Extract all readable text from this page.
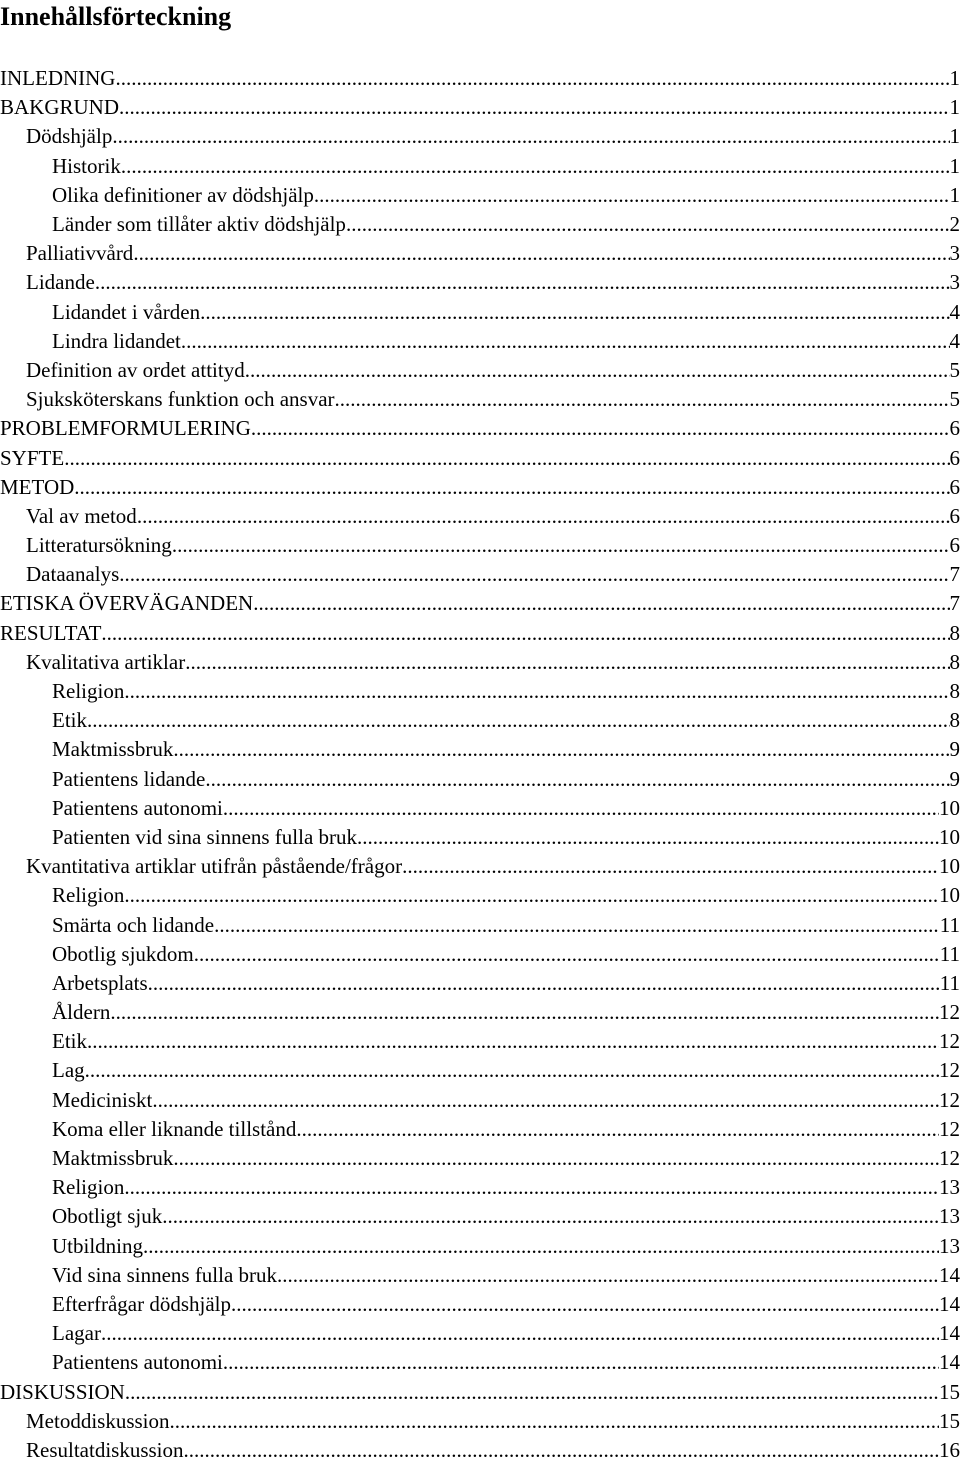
Innehållsförteckning
INLEDNING .....	1
BAKGRUND .....	1
Dödshjälp .....	1
Historik .....	1
Olika definitioner av dödshjälp .....	1
Länder som tillåter aktiv dödshjälp .....	2
Palliativvård .....	3
Lidande .....	3
Lidandet i vården .....	4
Lindra lidandet .....	4
Definition av ordet attityd .....	5
Sjuksköterskans funktion och ansvar .....	5
PROBLEMFORMULERING .....	6
SYFTE .....	6
METOD .....	6
Val av metod .....	6
Litteratursökning .....	6
Dataanalys .....	7
ETISKA ÖVERVÄGANDEN .....	7
RESULTAT .....	8
Kvalitativa artiklar .....	8
Religion .....	8
Etik .....	8
Maktmissbruk .....	9
Patientens lidande .....	9
Patientens autonomi .....	10
Patienten vid sina sinnens fulla bruk .....	10
Kvantitativa artiklar utifrån påstående/frågor .....	10
Religion .....	10
Smärta och lidande .....	11
Obotlig sjukdom .....	11
Arbetsplats .....	11
Åldern .....	12
Etik .....	12
Lag .....	12
Mediciniskt .....	12
Koma eller liknande tillstånd .....	12
Maktmissbruk .....	12
Religion .....	13
Obotligt sjuk .....	13
Utbildning .....	13
Vid sina sinnens fulla bruk .....	14
Efterfrågar dödshjälp .....	14
Lagar .....	14
Patientens autonomi .....	14
DISKUSSION .....	15
Metoddiskussion .....	15
Resultatdiskussion .....	16
